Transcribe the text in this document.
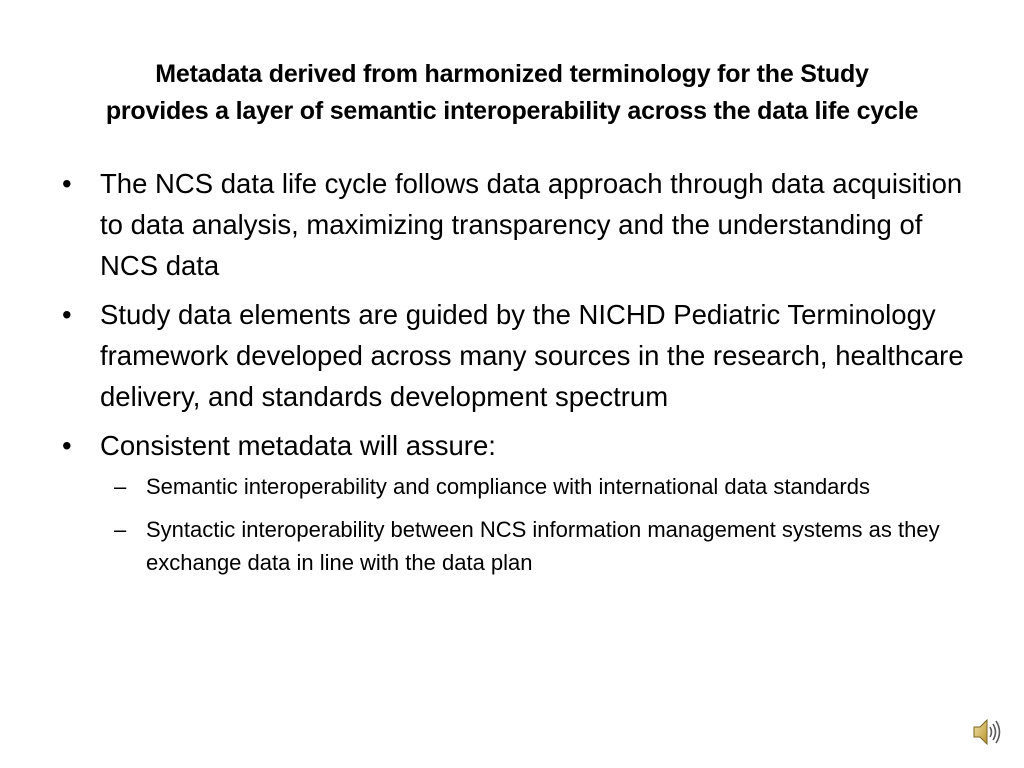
Metadata derived from harmonized terminology for the Study
provides a layer of semantic interoperability across the data life cycle
•	The NCS data life cycle follows data approach through data acquisition to data analysis, maximizing transparency and the understanding of NCS data
•	Study data elements are guided by the NICHD Pediatric Terminology framework developed across many sources in the research, healthcare delivery, and standards development spectrum
•	Consistent metadata will assure:
– Semantic interoperability and compliance with international data standards
– Syntactic interoperability between NCS information management systems as they exchange data in line with the data plan
